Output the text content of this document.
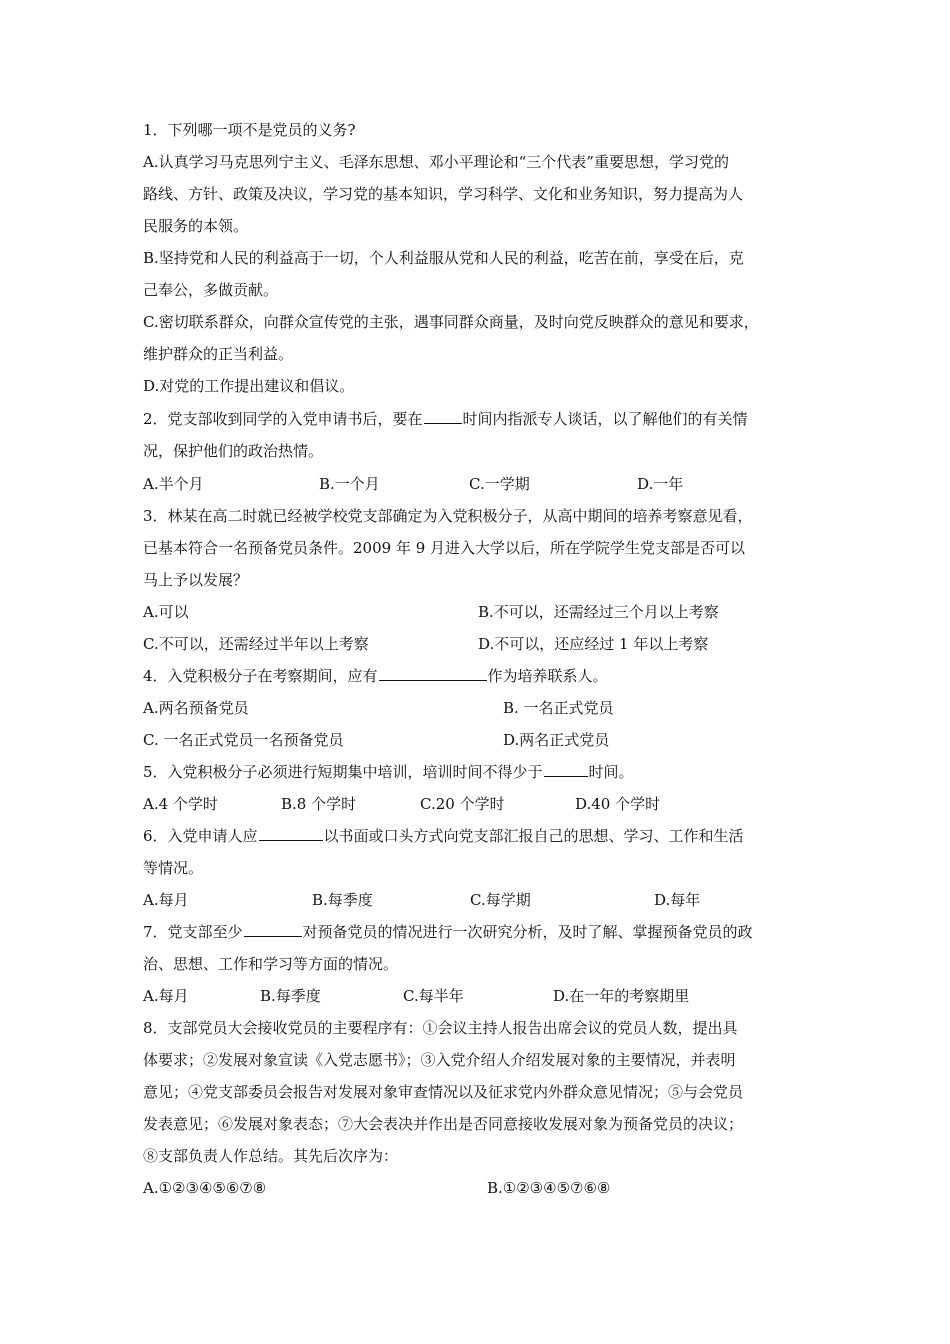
1．下列哪一项不是党员的义务?
A.认真学习马克思列宁主义、毛泽东思想、邓小平理论和“三个代表”重要思想，学习党的
路线、方针、政策及决议，学习党的基本知识，学习科学、文化和业务知识，努力提高为人
民服务的本领。
B.坚持党和人民的利益高于一切，个人利益服从党和人民的利益，吃苦在前，享受在后，克
己奉公，多做贡献。
C.密切联系群众，向群众宣传党的主张，遇事同群众商量，及时向党反映群众的意见和要求，
维护群众的正当利益。
D.对党的工作提出建议和倡议。
2．党支部收到同学的入党申请书后，要在	时间内指派专人谈话，以了解他们的有关情
况，保护他们的政治热情。
A.半个月	B.一个月	C.一学期	D.一年
3．林某在高二时就已经被学校党支部确定为入党积极分子，从高中期间的培养考察意见看，
已基本符合一名预备党员条件。2009 年 9 月进入大学以后，所在学院学生党支部是否可以
马上予以发展？
A.可以	B.不可以，还需经过三个月以上考察
C.不可以，还需经过半年以上考察	D.不可以，还应经过 1 年以上考察
4．入党积极分子在考察期间，应有	作为培养联系人。
A.两名预备党员	B. 一名正式党员
C. 一名正式党员一名预备党员	D.两名正式党员
5．入党积极分子必须进行短期集中培训，培训时间不得少于	时间。
A.4 个学时	B.8 个学时	C.20 个学时	D.40 个学时
6．入党申请人应	以书面或口头方式向党支部汇报自己的思想、学习、工作和生活
等情况。
A.每月	B.每季度	C.每学期	D.每年
7．党支部至少	对预备党员的情况进行一次研究分析，及时了解、掌握预备党员的政
治、思想、工作和学习等方面的情况。
A.每月	B.每季度	C.每半年	D.在一年的考察期里
8．支部党员大会接收党员的主要程序有：①会议主持人报告出席会议的党员人数，提出具
体要求；②发展对象宣读《入党志愿书》；③入党介绍人介绍发展对象的主要情况，并表明
意见；④党支部委员会报告对发展对象审查情况以及征求党内外群众意见情况；⑤与会党员
发表意见；⑥发展对象表态；⑦大会表决并作出是否同意接收发展对象为预备党员的决议；
⑧支部负责人作总结。其先后次序为：
A.①②③④⑤⑥⑦⑧	B.①②③④⑤⑦⑥⑧
